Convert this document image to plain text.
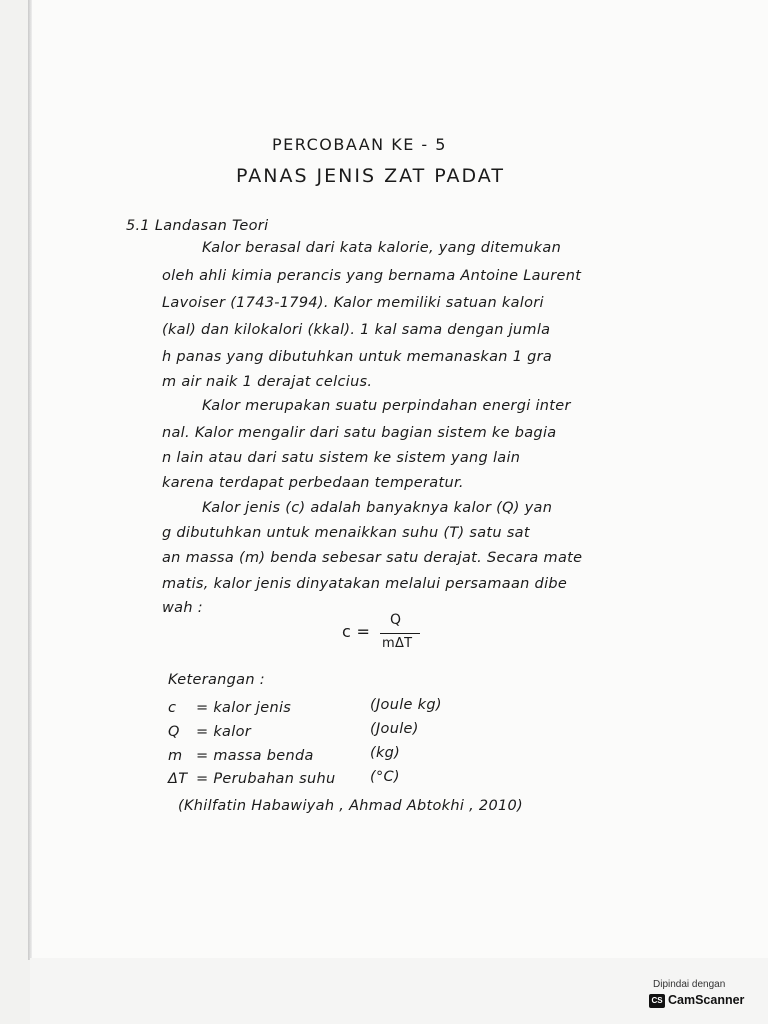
PERCOBAAN KE - 5
PANAS JENIS ZAT PADAT
5.1 Landasan Teori
Kalor berasal dari kata kalorie, yang ditemukan
oleh ahli kimia perancis yang bernama Antoine Laurent
Lavoiser (1743-1794). Kalor memiliki satuan kalori
(kal) dan kilokalori (kkal). 1 kal sama dengan jumla
h panas yang dibutuhkan untuk memanaskan 1 gra
m air naik 1 derajat celcius.
Kalor merupakan suatu perpindahan energi inter
nal. Kalor mengalir dari satu bagian sistem ke bagia
n lain atau dari satu sistem ke sistem yang lain
karena terdapat perbedaan temperatur.
Kalor jenis (c) adalah banyaknya kalor (Q) yan
g dibutuhkan untuk menaikkan suhu (T) satu sat
an massa (m) benda sebesar satu derajat. Secara mate
matis, kalor jenis dinyatakan melalui persamaan dibe
wah :
c =
Q
mΔT
Keterangan :
c = kalor jenis	(Joule kg)
Q = kalor	(Joule)
m = massa benda	(kg)
ΔT = Perubahan suhu (°C)
(Khilfatin Habawiyah , Ahmad Abtokhi , 2010)
Dipindai dengan
CS CamScanner
